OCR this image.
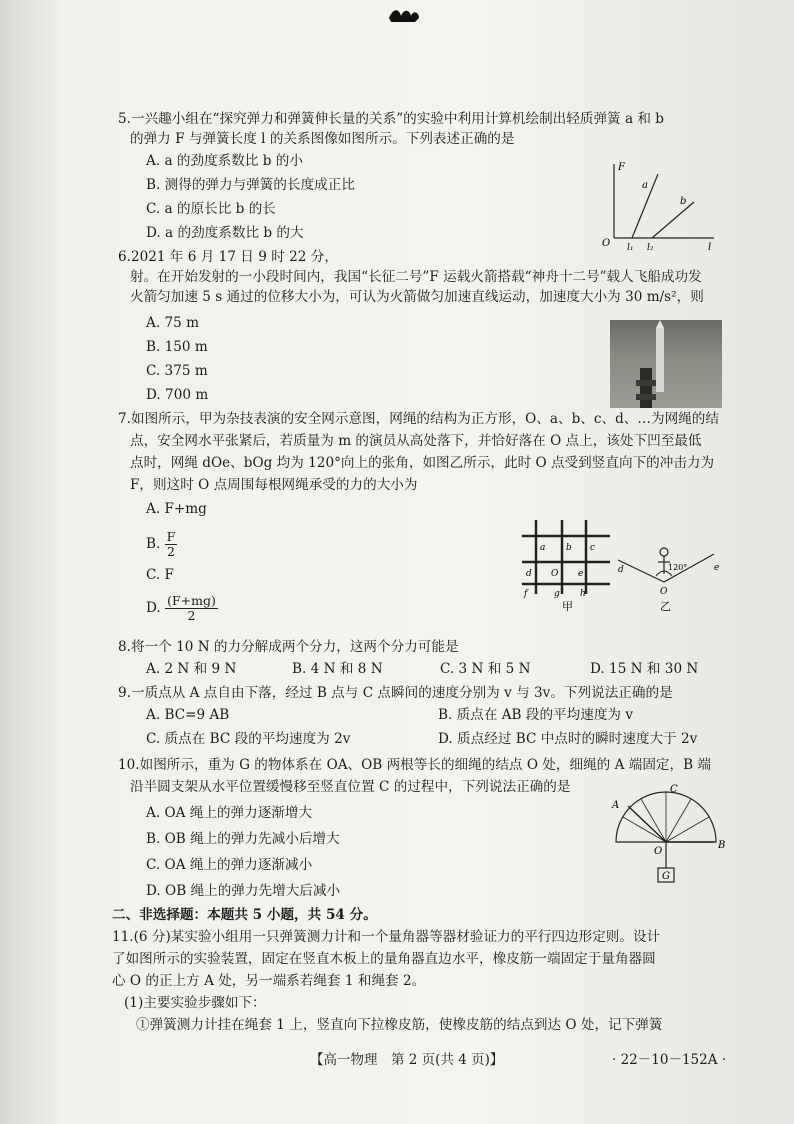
5.一兴趣小组在“探究弹力和弹簧伸长量的关系”的实验中利用计算机绘制出轻质弹簧 a 和 b
的弹力 F 与弹簧长度 l 的关系图像如图所示。下列表述正确的是
A. a 的劲度系数比 b 的小
B. 测得的弹力与弹簧的长度成正比
C. a 的原长比 b 的长
D. a 的劲度系数比 b 的大
F
O	l
a
b
l₁ l₂
6.2021 年 6 月 17 日 9 时 22 分，
射。在开始发射的一小段时间内，我国“长征二号”F 运载火箭搭载“神舟十二号”载人飞船成功发
火箭匀加速 5 s 通过的位移大小为，可认为火箭做匀加速直线运动，加速度大小为 30 m/s²，则
A. 75 m
B. 150 m
C. 375 m
D. 700 m
7.如图所示，甲为杂技表演的安全网示意图，网绳的结构为正方形，O、a、b、c、d、…为网绳的结
点，安全网水平张紧后，若质量为 m 的演员从高处落下，并恰好落在 O 点上，该处下凹至最低
点时，网绳 dOe、bOg 均为 120°向上的张角，如图乙所示，此时 O 点受到竖直向下的冲击力为
F，则这时 O 点周围每根网绳承受的力的大小为
A. F+mg
B. $\frac{F}{2}$
C. F
D. $\frac{(F+mg)}{2}$
a b c
d O e
f	g h
甲
120°
d	e
O
乙
8.将一个 10 N 的力分解成两个分力，这两个分力可能是
A. 2 N 和 9 N	B. 4 N 和 8 N	C. 3 N 和 5 N	D. 15 N 和 30 N
9.一质点从 A 点自由下落，经过 B 点与 C 点瞬间的速度分别为 v 与 3v。下列说法正确的是
A. BC=9 AB	B. 质点在 AB 段的平均速度为 v
C. 质点在 BC 段的平均速度为 2v	D. 质点经过 BC 中点时的瞬时速度大于 2v
10.如图所示，重为 G 的物体系在 OA、OB 两根等长的细绳的结点 O 处，细绳的 A 端固定，B 端
沿半圆支架从水平位置缓慢移至竖直位置 C 的过程中，下列说法正确的是
A. OA 绳上的弹力逐渐增大
B. OB 绳上的弹力先减小后增大
C. OA 绳上的弹力逐渐减小
D. OB 绳上的弹力先增大后减小
A
B
C
O
G
二、非选择题：本题共 5 小题，共 54 分。
11.(6 分)某实验小组用一只弹簧测力计和一个量角器等器材验证力的平行四边形定则。设计
了如图所示的实验装置，固定在竖直木板上的量角器直边水平，橡皮筋一端固定于量角器圆
心 O 的正上方 A 处，另一端系若绳套 1 和绳套 2。
(1)主要实验步骤如下：
①弹簧测力计挂在绳套 1 上，竖直向下拉橡皮筋，使橡皮筋的结点到达 O 处，记下弹簧
【高一物理　第 2 页(共 4 页)】	· 22－10－152A ·
